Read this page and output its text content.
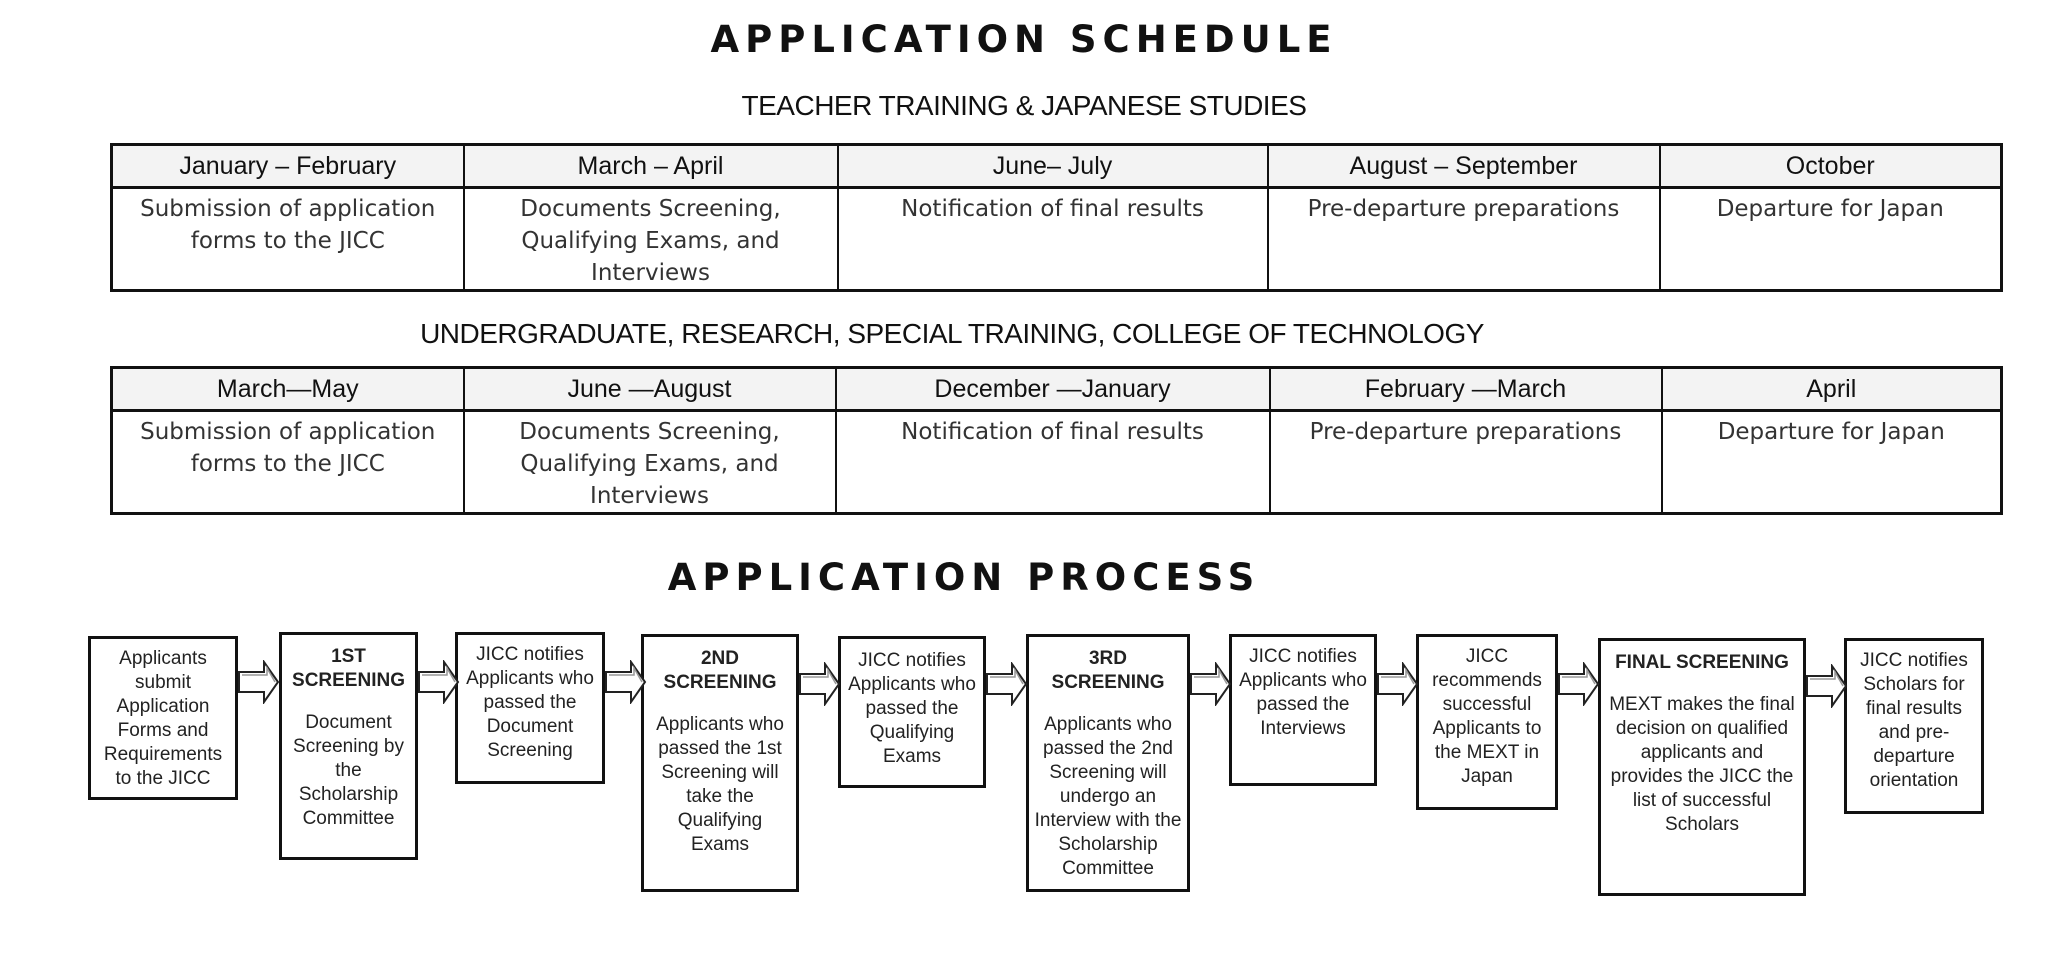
APPLICATION SCHEDULE
TEACHER TRAINING & JAPANESE STUDIES
January – February	March – April	June– July	August – September	October
Submission of application forms to the JICC	Documents Screening, Qualifying Exams, and Interviews	Notification of final results	Pre-departure preparations	Departure for Japan
UNDERGRADUATE, RESEARCH, SPECIAL TRAINING, COLLEGE OF TECHNOLOGY
March—May	June —August	December —January	February —March	April
Submission of application forms to the JICC	Documents Screening, Qualifying Exams, and Interviews	Notification of final results	Pre-departure preparations	Departure for Japan
APPLICATION PROCESS
Applicants submit Application Forms and Requirements to the JICC
1ST SCREENING
Document Screening by the Scholarship Committee
JICC notifies Applicants who passed the Document Screening
2ND SCREENING
Applicants who passed the 1st Screening will take the Qualifying Exams
JICC notifies Applicants who passed the Qualifying Exams
3RD SCREENING
Applicants who passed the 2nd Screening will undergo an Interview with the Scholarship Committee
JICC notifies Applicants who passed the Interviews
JICC recommends successful Applicants to the MEXT in Japan
FINAL SCREENING
MEXT makes the final decision on qualified applicants and provides the JICC the list of successful Scholars
JICC notifies Scholars for final results and pre-departure orientation
